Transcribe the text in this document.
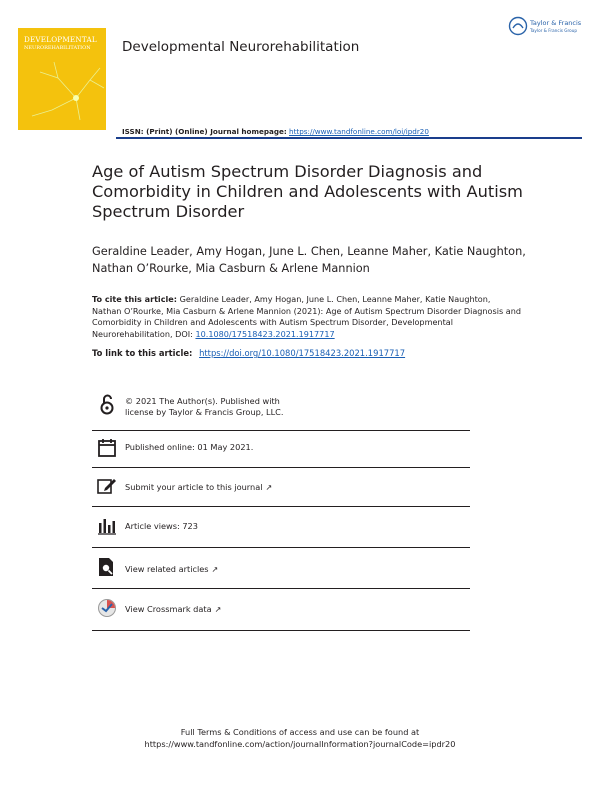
DEVELOPMENTAL
NEUROREHABILITATION	Developmental Neurorehabilitation
Taylor & Francis
Taylor & Francis Group
ISSN: (Print) (Online) Journal homepage: https://www.tandfonline.com/loi/ipdr20
Age of Autism Spectrum Disorder Diagnosis and Comorbidity in Children and Adolescents with Autism Spectrum Disorder
Geraldine Leader, Amy Hogan, June L. Chen, Leanne Maher, Katie Naughton, Nathan O’Rourke, Mia Casburn & Arlene Mannion
To cite this article: Geraldine Leader, Amy Hogan, June L. Chen, Leanne Maher, Katie Naughton, Nathan O’Rourke, Mia Casburn & Arlene Mannion (2021): Age of Autism Spectrum Disorder Diagnosis and Comorbidity in Children and Adolescents with Autism Spectrum Disorder, Developmental Neurorehabilitation, DOI: 10.1080/17518423.2021.1917717
To link to this article: https://doi.org/10.1080/17518423.2021.1917717
© 2021 The Author(s). Published with license by Taylor & Francis Group, LLC.
Published online: 01 May 2021.
Submit your article to this journal ↗
Article views: 723
View related articles ↗
View Crossmark data ↗
Full Terms & Conditions of access and use can be found at
https://www.tandfonline.com/action/journalInformation?journalCode=ipdr20
